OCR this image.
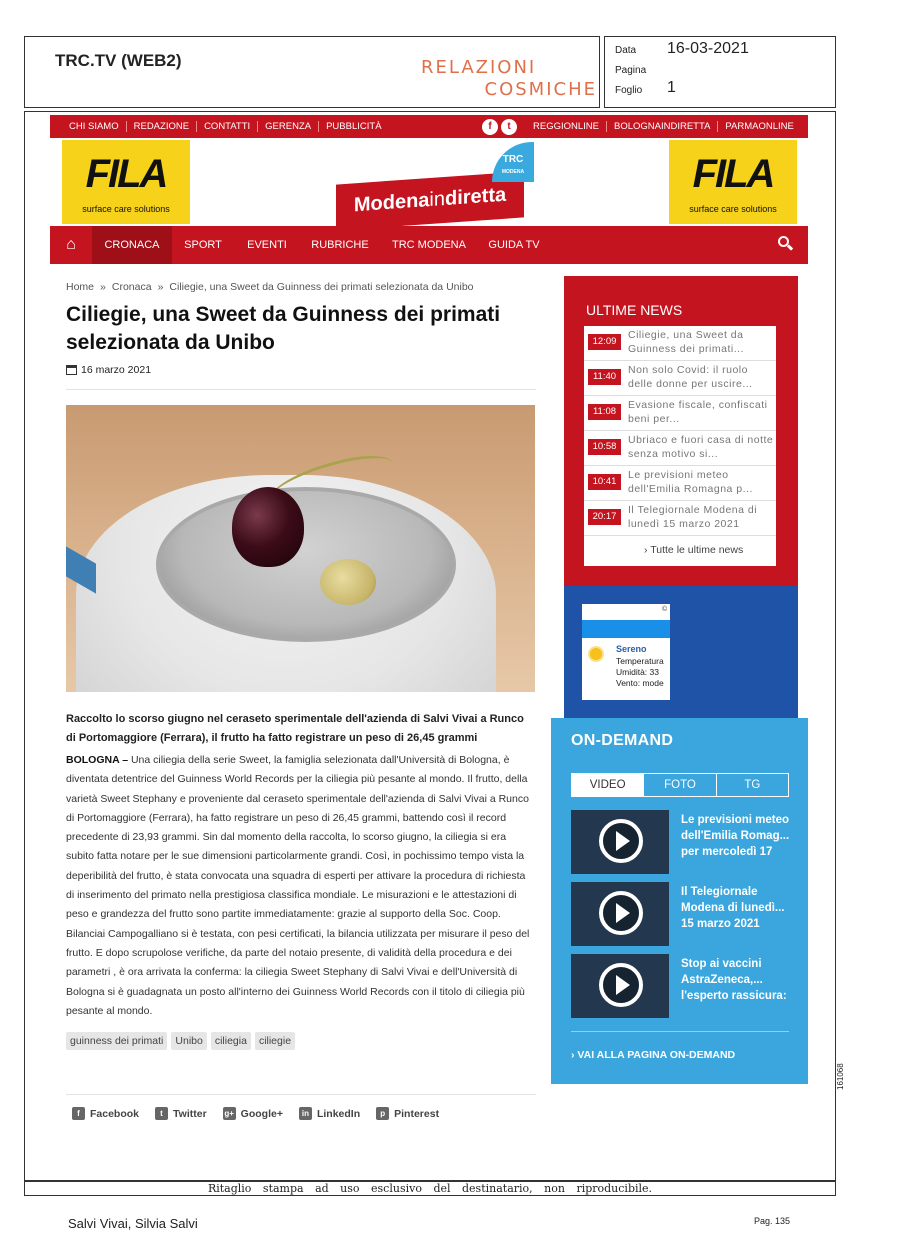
TRC.TV (WEB2)	RELAZIONI
COSMICHE
Data 16-03-2021
Pagina
Foglio 1
Ritaglio stampa ad uso esclusivo del destinatario, non riproducibile.
161068
Salvi Vivai, Silvia Salvi	Pag. 135
CHI SIAMO	REDAZIONE	CONTATTI	GERENZA	PUBBLICITÀ	f	t	REGGIONLINE	BOLOGNAINDIRETTA	PARMAONLINE
FILA
surface care solutions
FILA
surface care solutions
Modenaindiretta
TRC
MODENA
⌂	CRONACA	SPORT	EVENTI	RUBRICHE	TRC MODENA	GUIDA TV
Home » Cronaca » Ciliegie, una Sweet da Guinness dei primati selezionata da Unibo
Ciliegie, una Sweet da Guinness dei primati selezionata da Unibo
16 marzo 2021

Raccolto lo scorso giugno nel ceraseto sperimentale dell'azienda di Salvi Vivai a Runco di Portomaggiore (Ferrara), il frutto ha fatto registrare un peso di 26,45 grammi

BOLOGNA – Una ciliegia della serie Sweet, la famiglia selezionata dall'Università di Bologna, è diventata detentrice del Guinness World Records per la ciliegia più pesante al mondo. Il frutto, della varietà Sweet Stephany e proveniente dal ceraseto sperimentale dell'azienda di Salvi Vivai a Runco di Portomaggiore (Ferrara), ha fatto registrare un peso di 26,45 grammi, battendo così il record precedente di 23,93 grammi. Sin dal momento della raccolta, lo scorso giugno, la ciliegia si era subito fatta notare per le sue dimensioni particolarmente grandi. Così, in pochissimo tempo vista la deperibilità del frutto, è stata convocata una squadra di esperti per attivare la procedura di richiesta di inserimento del primato nella prestigiosa classifica mondiale. Le misurazioni e le attestazioni di peso e grandezza del frutto sono partite immediatamente: grazie al supporto della Soc. Coop. Bilanciai Campogalliano si è testata, con pesi certificati, la bilancia utilizzata per misurare il peso del frutto. E dopo scrupolose verifiche, da parte del notaio presente, di validità della procedura e dei parametri , è ora arrivata la conferma: la ciliegia Sweet Stephany di Salvi Vivai e dell'Università di Bologna si è guadagnata un posto all'interno dei Guinness World Records con il titolo di ciliegia più pesante al mondo.

guinness dei primati	Unibo	ciliegia	ciliegie
f Facebook	t Twitter g+ Google+	in LinkedIn	p Pinterest
ULTIME NEWS
12:09
Ciliegie, una Sweet da Guinness dei primati...
11:40
Non solo Covid: il ruolo delle donne per uscire...
11:08
Evasione fiscale, confiscati beni per...
10:58
Ubriaco e fuori casa di notte senza motivo si...
10:41
Le previsioni meteo dell'Emilia Romagna p...
20:17
Il Telegiornale Modena di lunedì 15 marzo 2021
› Tutte le ultime news
©
Sereno
Temperatura
Umidità: 33
Vento: mode
ON-DEMAND
VIDEO	FOTO	TG
Le previsioni meteo dell'Emilia Romag... per mercoledì 17
Il Telegiornale Modena di lunedì... 15 marzo 2021
Stop ai vaccini AstraZeneca,... l'esperto rassicura:
› VAI ALLA PAGINA ON-DEMAND
